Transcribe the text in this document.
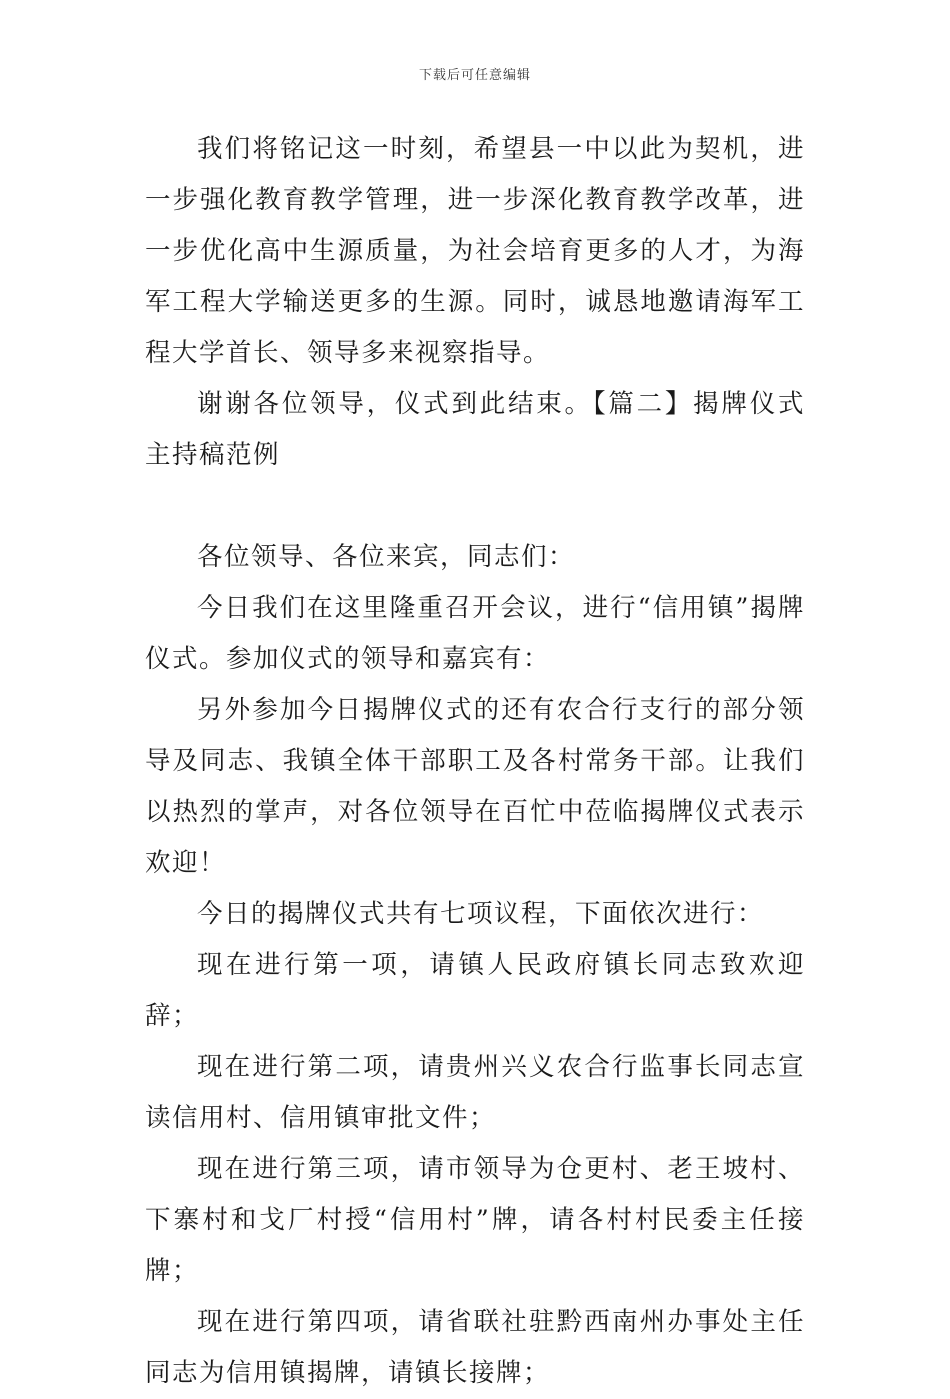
下载后可任意编辑

我们将铭记这一时刻，希望县一中以此为契机，进一步强化教育教学管理，进一步深化教育教学改革，进一步优化高中生源质量，为社会培育更多的人才，为海军工程大学输送更多的生源。同时，诚恳地邀请海军工程大学首长、领导多来视察指导。

谢谢各位领导，仪式到此结束。【篇二】揭牌仪式主持稿范例

各位领导、各位来宾，同志们：

今日我们在这里隆重召开会议，进行“信用镇”揭牌仪式。参加仪式的领导和嘉宾有：

另外参加今日揭牌仪式的还有农合行支行的部分领导及同志、我镇全体干部职工及各村常务干部。让我们以热烈的掌声，对各位领导在百忙中莅临揭牌仪式表示欢迎！

今日的揭牌仪式共有七项议程，下面依次进行：

现在进行第一项，请镇人民政府镇长同志致欢迎辞；

现在进行第二项，请贵州兴义农合行监事长同志宣读信用村、信用镇审批文件；

现在进行第三项，请市领导为仓更村、老王坡村、下寨村和戈厂村授“信用村”牌，请各村村民委主任接牌；

现在进行第四项，请省联社驻黔西南州办事处主任同志为信用镇揭牌，请镇长接牌；
